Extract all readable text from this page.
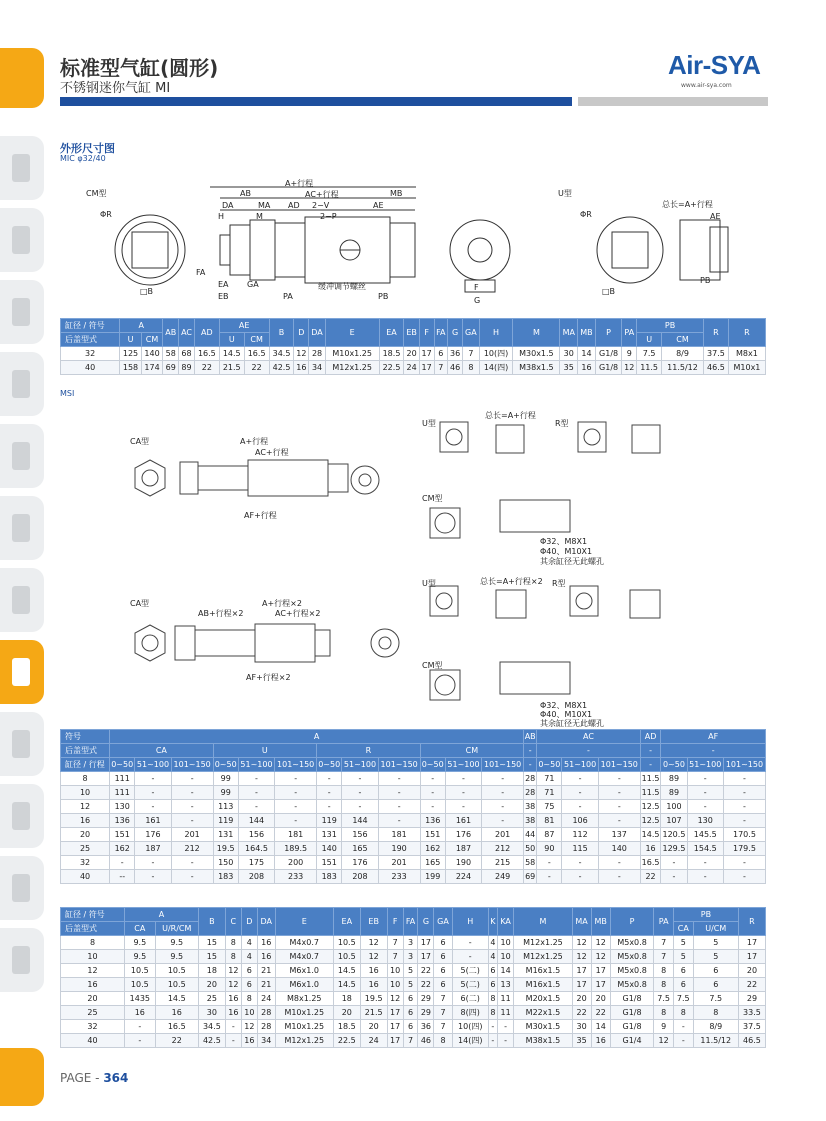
标准型气缸(圆形)
不锈钢迷你气缸 MI
Air-SYA
www.air-sya.com
外形尺寸图
MIC φ32/40
CM型
ΦR
□B
A+行程
AC+行程
AB
DA	MA AD 2−V	AE
MB
2−P
H	M
FA
EA
EB
GA
PA
缓冲调节螺丝
PB
F
G
U型
ΦR
□B
总长=A+行程
AE
PB
缸径 / 符号	A		AB	AC	AD	AE		B	D	DA	E	EA	EB	F	FA	G	GA	H	M	MA	MB	P	PA	PB		R	R
后盖型式	U	CM				U	CM																	U	CM		
32	125	140	58	68	16.5	14.5	16.5	34.5	12	28	M10x1.25	18.5	20	17	6	36	7	10(四)	M30x1.5	30	14	G1/8	9	7.5	8/9	37.5	M8x1
40	158	174	69	89	22	21.5	22	42.5	16	34	M12x1.25	22.5	24	17	7	46	8	14(四)	M38x1.5	35	16	G1/8	12	11.5	11.5/12	46.5	M10x1
MSI
CA型	A+行程
AC+行程
AF+行程
U型
总长=A+行程
R型
CM型
Φ32、M8X1
Φ40、M10X1
其余缸径无此螺孔
CA型	A+行程×2
AC+行程×2
AB+行程×2
AF+行程×2
U型	总长=A+行程×2 R型
CM型
Φ32、M8X1
Φ40、M10X1
其余缸径无此螺孔
符号	A												AB	AC			AD	AF		
后盖型式	CA			U			R			CM			-	-			-	-		
缸径 / 行程	0~50	51~100	101~150	0~50	51~100	101~150	0~50	51~100	101~150	0~50	51~100	101~150	-	0~50	51~100	101~150	-	0~50	51~100	101~150
8	111	-	-	99	-	-	-	-	-	-	-	-	28	71	-	-	11.5	89	-	-
10	111	-	-	99	-	-	-	-	-	-	-	-	28	71	-	-	11.5	89	-	-
12	130	-	-	113	-	-	-	-	-	-	-	-	38	75	-	-	12.5	100	-	-
16	136	161	-	119	144	-	119	144	-	136	161	-	38	81	106	-	12.5	107	130	-
20	151	176	201	131	156	181	131	156	181	151	176	201	44	87	112	137	14.5	120.5	145.5	170.5
25	162	187	212	19.5	164.5	189.5	140	165	190	162	187	212	50	90	115	140	16	129.5	154.5	179.5
32	-	-	-	150	175	200	151	176	201	165	190	215	58	-	-	-	16.5	-	-	-
40	--	-	-	183	208	233	183	208	233	199	224	249	69	-	-	-	22	-	-	-
缸径 / 符号	A		B	C	D	DA	E	EA	EB	F	FA	G	GA	H	K	KA	M	MA	MB	P	PA	PB		R
后盖型式	CA	U/R/CM																				CA	U/CM	
8	9.5	9.5	15	8	4	16	M4x0.7	10.5	12	7	3	17	6	-	4	10	M12x1.25	12	12	M5x0.8	7	5	5	17
10	9.5	9.5	15	8	4	16	M4x0.7	10.5	12	7	3	17	6	-	4	10	M12x1.25	12	12	M5x0.8	7	5	5	17
12	10.5	10.5	18	12	6	21	M6x1.0	14.5	16	10	5	22	6	5(二)	6	14	M16x1.5	17	17	M5x0.8	8	6	6	20
16	10.5	10.5	20	12	6	21	M6x1.0	14.5	16	10	5	22	6	5(二)	6	13	M16x1.5	17	17	M5x0.8	8	6	6	22
20	1435	14.5	25	16	8	24	M8x1.25	18	19.5	12	6	29	7	6(二)	8	11	M20x1.5	20	20	G1/8	7.5	7.5	7.5	29
25	16	16	30	16	10	28	M10x1.25	20	21.5	17	6	29	7	8(四)	8	11	M22x1.5	22	22	G1/8	8	8	8	33.5
32	-	16.5	34.5	-	12	28	M10x1.25	18.5	20	17	6	36	7	10(四)	-	-	M30x1.5	30	14	G1/8	9	-	8/9	37.5
40	-	22	42.5	-	16	34	M12x1.25	22.5	24	17	7	46	8	14(四)	-	-	M38x1.5	35	16	G1/4	12	-	11.5/12	46.5
PAGE - 364
